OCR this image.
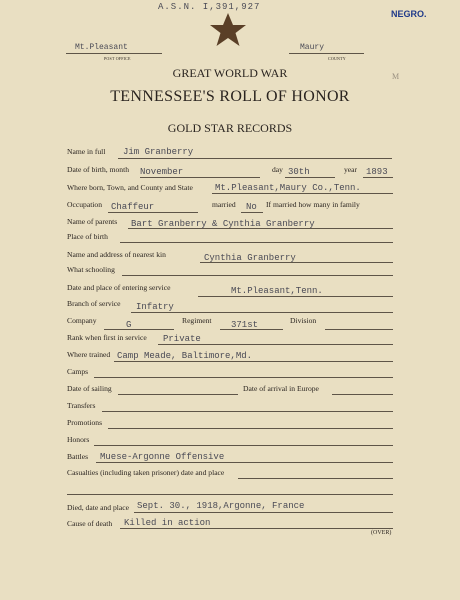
A.S.N. I,391,927
NEGRO.
Mt.Pleasant
POST OFFICE
Maury
COUNTY
GREAT WORLD WAR
TENNESSEE'S ROLL OF HONOR
GOLD STAR RECORDS
M
Name in full Jim Granberry
Date of birth, month November	day 30th	year 1893
Where born, Town, and County and State Mt.Pleasant,Maury Co.,Tenn.
Occupation Chaffeur	married No If married how many in family
Name of parents Bart Granberry & Cynthia Granberry
Place of birth
Name and address of nearest kin	Cynthia Granberry
What schooling
Date and place of entering service	Mt.Pleasant,Tenn.
Branch of service Infatry
Company	G	Regiment 371st	Division
Rank when first in service Private
Where trained Camp Meade, Baltimore,Md.
Camps
Date of sailing	Date of arrival in Europe
Transfers
Promotions
Honors
Battles Muese-Argonne Offensive
Casualties (including taken prisoner) date and place
Died, date and place Sept. 30., 1918,Argonne, France
Cause of death Killed in action
(OVER)
